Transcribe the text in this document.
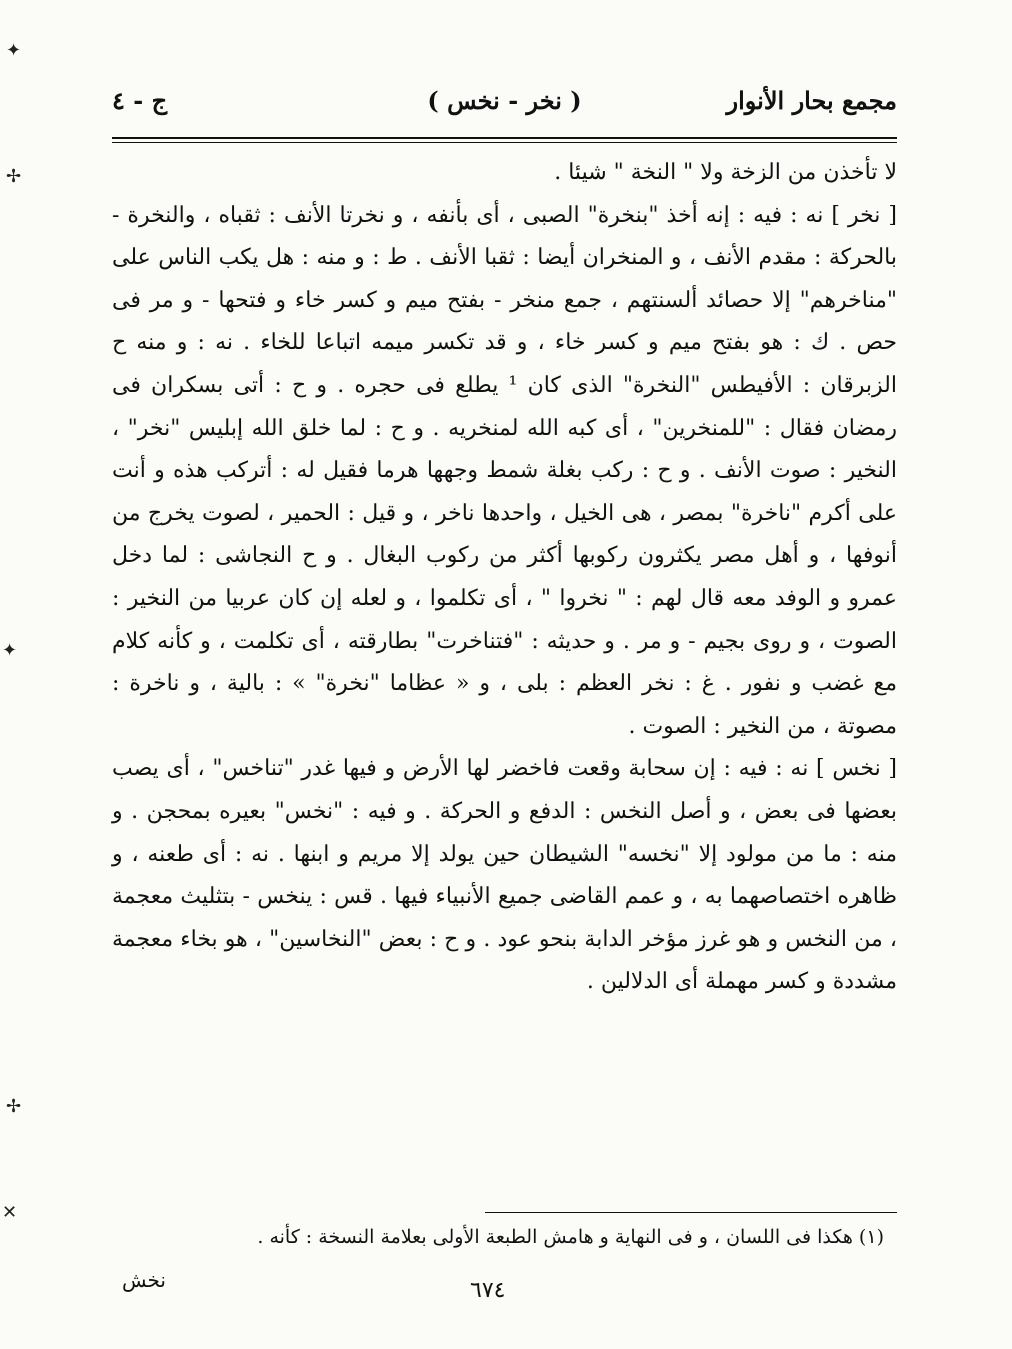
✦
✢
✦
✢
✕
مجمع بحار الأنوار
( نخر - نخس )
ج - ٤

لا تأخذن من الزخة ولا " النخة " شيئا .

[ نخر ] نه : فيه : إنه أخذ "بنخرة" الصبى ، أى بأنفه ، و نخرتا الأنف : ثقباه ، والنخرة - بالحركة : مقدم الأنف ، و المنخران أيضا : ثقبا الأنف . ط : و منه : هل يكب الناس على "مناخرهم" إلا حصائد ألسنتهم ، جمع منخر - بفتح ميم و كسر خاء و فتحها - و مر فى حص . ك : هو بفتح ميم و كسر خاء ، و قد تكسر ميمه اتباعا للخاء . نه : و منه ح الزبرقان : الأفيطس "النخرة" الذى كان ¹ يطلع فى حجره . و ح : أتى بسكران فى رمضان فقال : "للمنخرين" ، أى كبه الله لمنخريه . و ح : لما خلق الله إبليس "نخر" ، النخير : صوت الأنف . و ح : ركب بغلة شمط وجهها هرما فقيل له : أتركب هذه و أنت على أكرم "ناخرة" بمصر ، هى الخيل ، واحدها ناخر ، و قيل : الحمير ، لصوت يخرج من أنوفها ، و أهل مصر يكثرون ركوبها أكثر من ركوب البغال . و ح النجاشى : لما دخل عمرو و الوفد معه قال لهم : " نخروا " ، أى تكلموا ، و لعله إن كان عربيا من النخير : الصوت ، و روى بجيم - و مر . و حديثه : "فتناخرت" بطارقته ، أى تكلمت ، و كأنه كلام مع غضب و نفور . غ : نخر العظم : بلى ، و « عظاما "نخرة" » : بالية ، و ناخرة : مصوتة ، من النخير : الصوت .

[ نخس ] نه : فيه : إن سحابة وقعت فاخضر لها الأرض و فيها غدر "تناخس" ، أى يصب بعضها فى بعض ، و أصل النخس : الدفع و الحركة . و فيه : "نخس" بعيره بمحجن . و منه : ما من مولود إلا "نخسه" الشيطان حين يولد إلا مريم و ابنها . نه : أى طعنه ، و ظاهره اختصاصهما به ، و عمم القاضى جميع الأنبياء فيها . قس : ينخس - بتثليث معجمة ، من النخس و هو غرز مؤخر الدابة بنحو عود . و ح : بعض "النخاسين" ، هو بخاء معجمة مشددة و كسر مهملة أى الدلالين .

(١) هكذا فى اللسان ، و فى النهاية و هامش الطبعة الأولى بعلامة النسخة : كأنه .
نخش	٦٧٤
